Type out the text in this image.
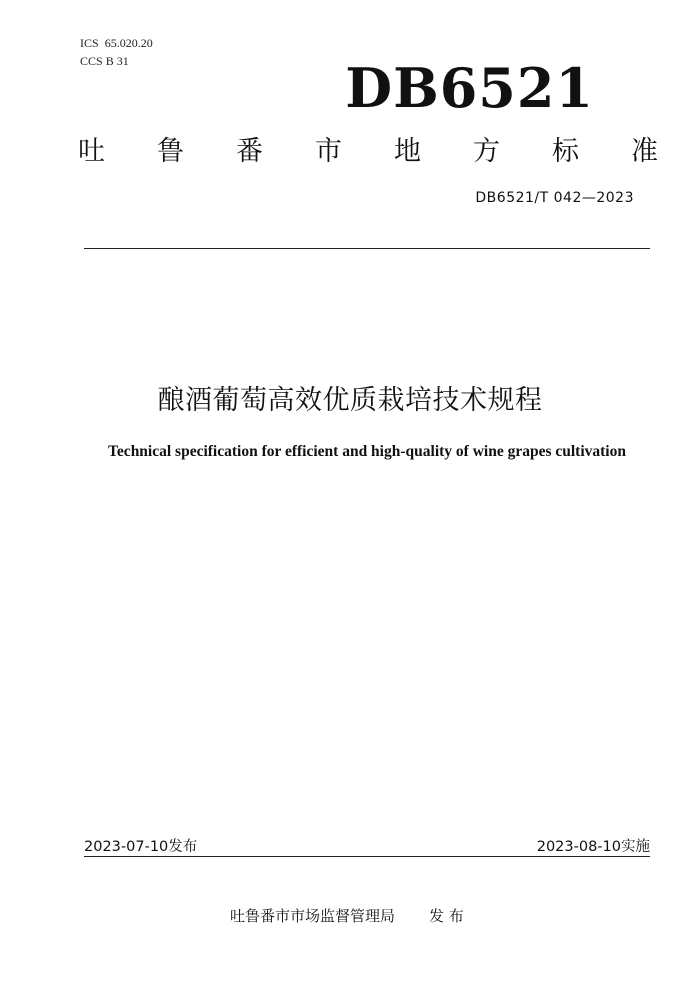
ICS 65.020.20
CCS B 31	DB6521
吐 鲁 番 市 地 方 标 准
DB6521/T 042—2023
酿酒葡萄高效优质栽培技术规程
Technical specification for efficient and high-quality of wine grapes cultivation
2023-07-10发布	2023-08-10实施
吐鲁番市市场监督管理局 发 布
